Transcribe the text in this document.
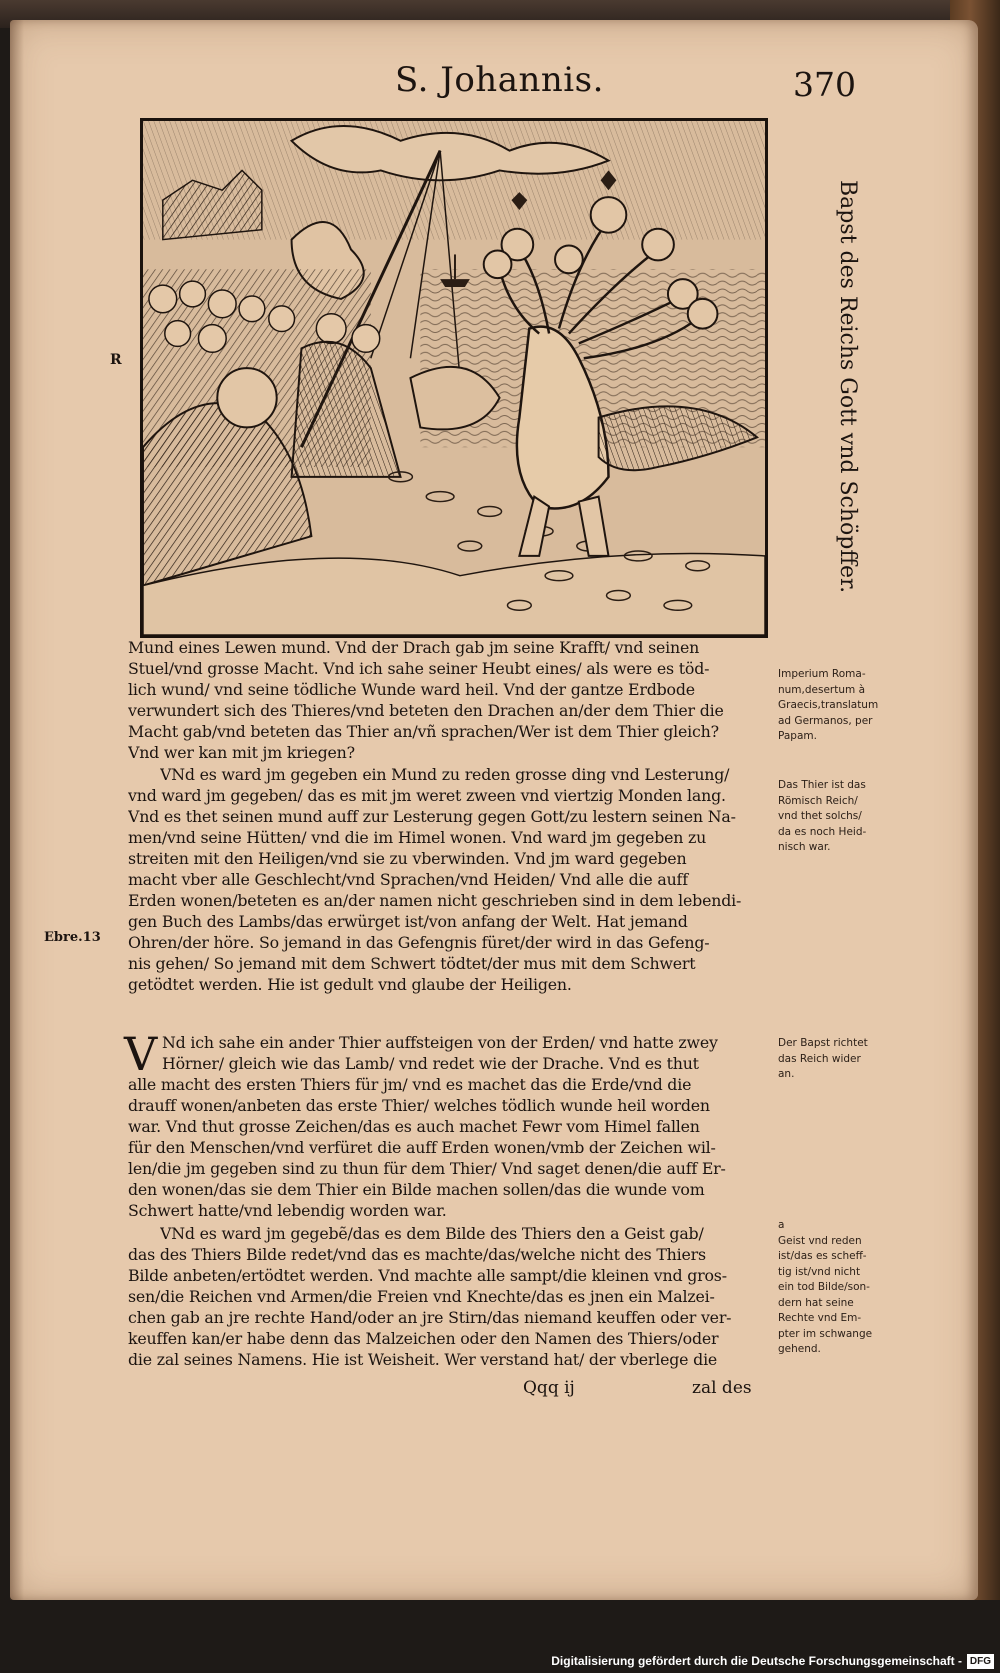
S. Johannis.	370
Bapst des Reichs Gott vnd Schöpffer.
R
Ebre.13
Mund eines Lewen mund. Vnd der Drach gab jm seine Krafft/ vnd seinen
Stuel/vnd grosse Macht. Vnd ich sahe seiner Heubt eines/ als were es töd-
lich wund/ vnd seine tödliche Wunde ward heil. Vnd der gantze Erdbode
verwundert sich des Thieres/vnd beteten den Drachen an/der dem Thier die
Macht gab/vnd beteten das Thier an/vñ sprachen/Wer ist dem Thier gleich?
Vnd wer kan mit jm kriegen?
VNd es ward jm gegeben ein Mund zu reden grosse ding vnd Lesterung/
vnd ward jm gegeben/ das es mit jm weret zween vnd viertzig Monden lang.
Vnd es thet seinen mund auff zur Lesterung gegen Gott/zu lestern seinen Na-
men/vnd seine Hütten/ vnd die im Himel wonen. Vnd ward jm gegeben zu
streiten mit den Heiligen/vnd sie zu vberwinden. Vnd jm ward gegeben
macht vber alle Geschlecht/vnd Sprachen/vnd Heiden/ Vnd alle die auff
Erden wonen/beteten es an/der namen nicht geschrieben sind in dem lebendi-
gen Buch des Lambs/das erwürget ist/von anfang der Welt. Hat jemand
Ohren/der höre. So jemand in das Gefengnis füret/der wird in das Gefeng-
nis gehen/ So jemand mit dem Schwert tödtet/der mus mit dem Schwert
getödtet werden. Hie ist gedult vnd glaube der Heiligen.
V Nd ich sahe ein ander Thier auffsteigen von der Erden/ vnd hatte zwey
Hörner/ gleich wie das Lamb/ vnd redet wie der Drache. Vnd es thut
alle macht des ersten Thiers für jm/ vnd es machet das die Erde/vnd die
drauff wonen/anbeten das erste Thier/ welches tödlich wunde heil worden
war. Vnd thut grosse Zeichen/das es auch machet Fewr vom Himel fallen
für den Menschen/vnd verfüret die auff Erden wonen/vmb der Zeichen wil-
len/die jm gegeben sind zu thun für dem Thier/ Vnd saget denen/die auff Er-
den wonen/das sie dem Thier ein Bilde machen sollen/das die wunde vom
Schwert hatte/vnd lebendig worden war.
VNd es ward jm gegebẽ/das es dem Bilde des Thiers den a Geist gab/
das des Thiers Bilde redet/vnd das es machte/das/welche nicht des Thiers
Bilde anbeten/ertödtet werden. Vnd machte alle sampt/die kleinen vnd gros-
sen/die Reichen vnd Armen/die Freien vnd Knechte/das es jnen ein Malzei-
chen gab an jre rechte Hand/oder an jre Stirn/das niemand keuffen oder ver-
keuffen kan/er habe denn das Malzeichen oder den Namen des Thiers/oder
die zal seines Namens. Hie ist Weisheit. Wer verstand hat/ der vberlege die
Qqq ij	zal des
Imperium Roma-
num,desertum à
Graecis,translatum
ad Germanos, per
Papam.
Das Thier ist das
Römisch Reich/
vnd thet solchs/
da es noch Heid-
nisch war.
Der Bapst richtet
das Reich wider
an.
a
Geist vnd reden
ist/das es scheff-
tig ist/vnd nicht
ein tod Bilde/son-
dern hat seine
Rechte vnd Em-
pter im schwange
gehend.
Digitalisierung gefördert durch die Deutsche Forschungsgemeinschaft - DFG
